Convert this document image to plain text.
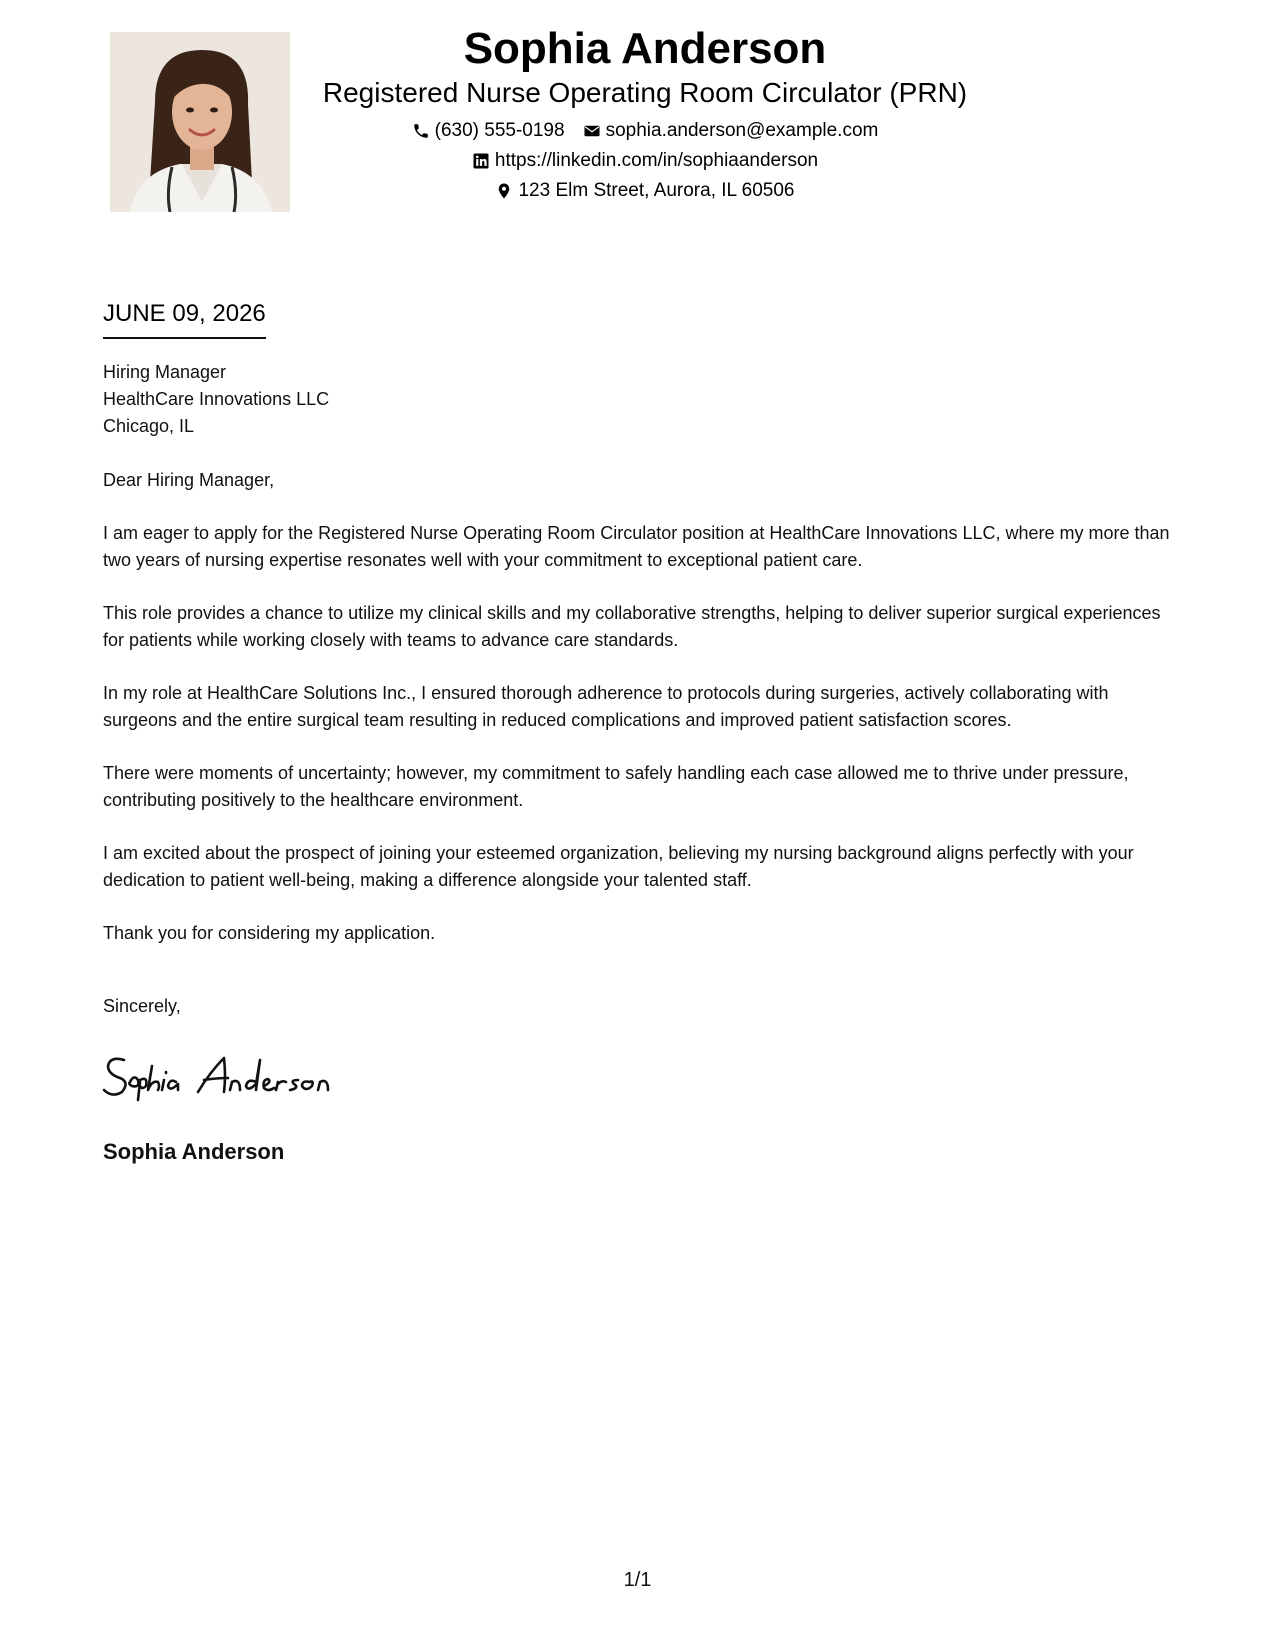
Sophia Anderson
Registered Nurse Operating Room Circulator (PRN)
(630) 555-0198 sophia.anderson@example.com
https://linkedin.com/in/sophiaanderson
123 Elm Street, Aurora, IL 60506
JUNE 09, 2026
Hiring Manager
HealthCare Innovations LLC
Chicago, IL

Dear Hiring Manager,

I am eager to apply for the Registered Nurse Operating Room Circulator position at HealthCare Innovations LLC, where my more than two years of nursing expertise resonates well with your commitment to exceptional patient care.

This role provides a chance to utilize my clinical skills and my collaborative strengths, helping to deliver superior surgical experiences for patients while working closely with teams to advance care standards.

In my role at HealthCare Solutions Inc., I ensured thorough adherence to protocols during surgeries, actively collaborating with surgeons and the entire surgical team resulting in reduced complications and improved patient satisfaction scores.

There were moments of uncertainty; however, my commitment to safely handling each case allowed me to thrive under pressure, contributing positively to the healthcare environment.

I am excited about the prospect of joining your esteemed organization, believing my nursing background aligns perfectly with your dedication to patient well-being, making a difference alongside your talented staff.

Thank you for considering my application.

Sincerely,
Sophia Anderson
1/1
